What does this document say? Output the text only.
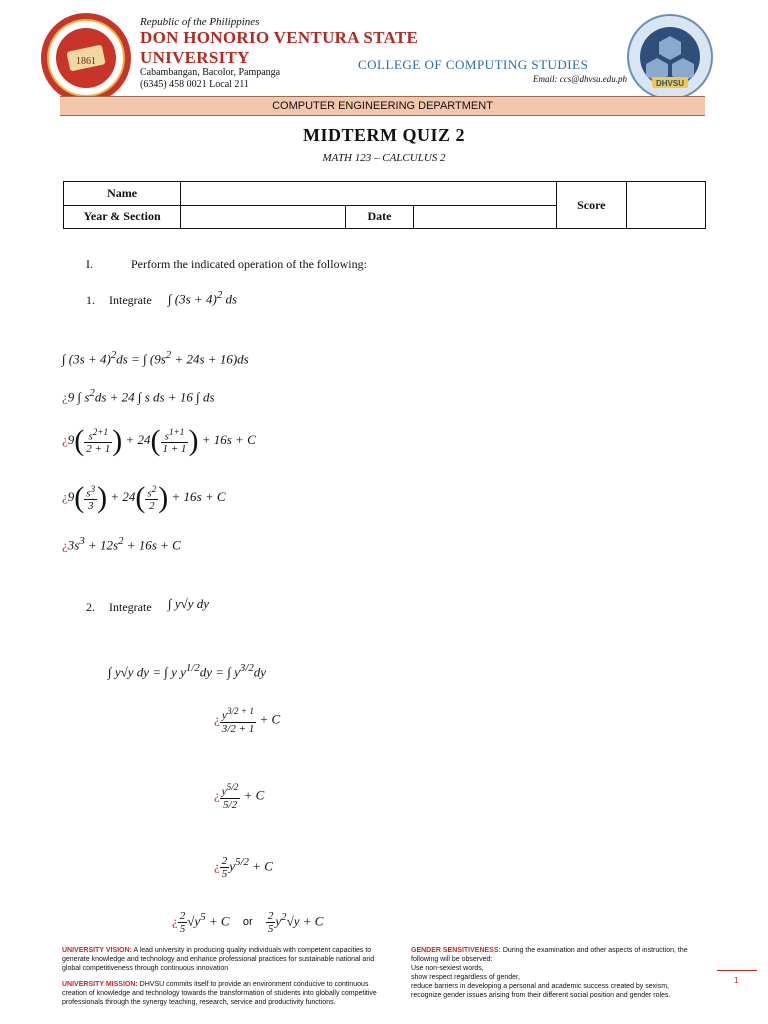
1861
Republic of the Philippines
DON HONORIO VENTURA STATE
UNIVERSITY
Cabambangan, Bacolor, Pampanga
(6345) 458 0021 Local 211
COLLEGE OF COMPUTING STUDIES
Email: ccs@dhvsu.edu.ph	DHVSU
COMPUTER ENGINEERING DEPARTMENT
MIDTERM QUIZ 2
MATH 123 – CALCULUS 2
Name				Score	
Year & Section		Date			
I.	Perform the indicated operation of the following:
1. Integrate ∫ $(3s + 4)^2$ ds
∫ $(3s + 4)^2ds$ = ∫ $(9s^2 + 24s + 16)ds$
¿9 ∫ $s^2ds + 24$ ∫ s ds + 16 ∫ ds
¿$9( \frac{s^{2+1}}{2 + 1}$ ) + $24( \frac{s^{1+1}}{1 + 1}$ ) + 16s + C
¿$9( \frac{s^3}{3}$ ) + $24( \frac{s^2}{2}$ ) + 16s + C
¿$3s^3 + 12s^2 + 16s + C$
2. Integrate ∫ y√y dy
∫ y√y dy = ∫ y $y^{1/2}dy$ = ∫ $y^{3/2}dy$
¿ $\frac{y^{3/2 + 1}}{3/2 + 1} + C$
¿ $\frac{y^{5/2}}{5/2} + C$
¿ $\frac{2}{5} y^{5/2} + C$
¿ $\frac{2}{5} √y^5 + C$ or $\frac{2}{5} y^2√y + C$
UNIVERSITY VISION: A lead university in producing quality individuals with competent capacities to generate knowledge and technology and enhance professional practices for sustainable national and global competitiveness through continuous innovation
UNIVERSITY MISSION: DHVSU commits itself to provide an environment conducive to continuous creation of knowledge and technology towards the transformation of students into globally competitive professionals through the synergy teaching, research, service and productivity functions.
GENDER SENSITIVENESS: During the examination and other aspects of instruction, the following will be observed:
Use non-sexiest words,
show respect regardless of gender,
reduce barriers in developing a personal and academic success created by sexism,
recognize gender issues arising from their different social position and gender roles.
1
